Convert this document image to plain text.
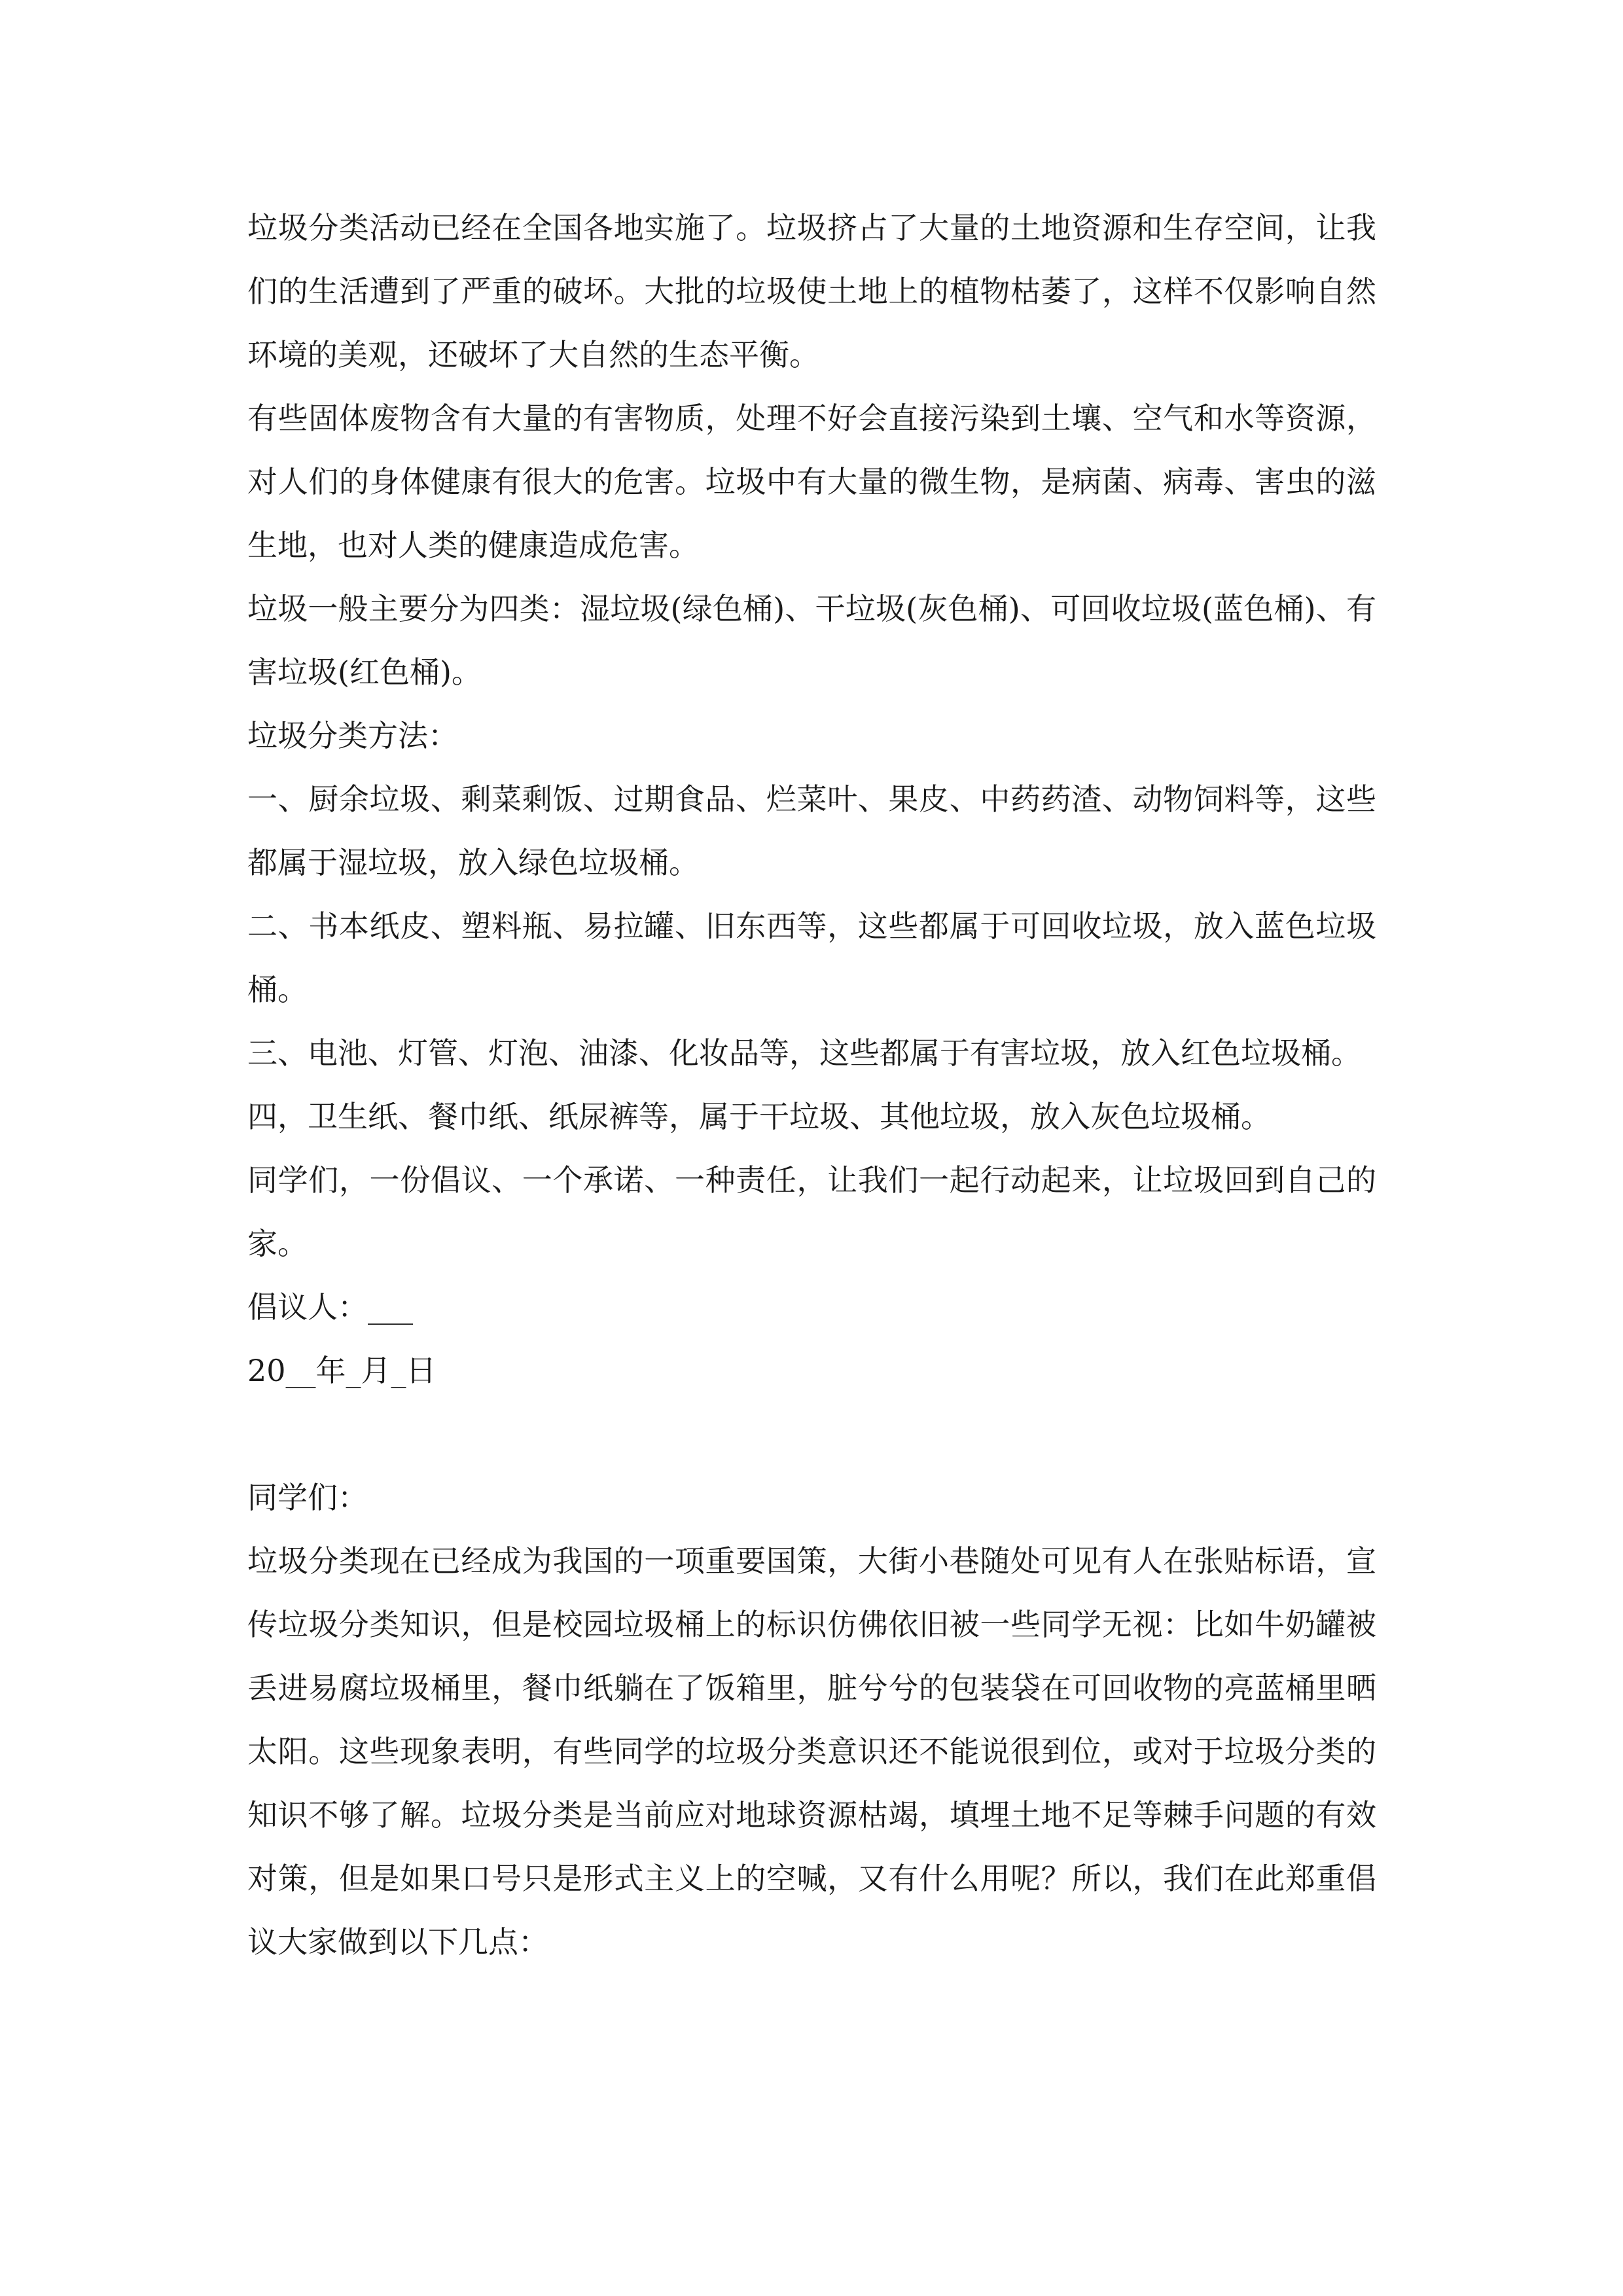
垃圾分类活动已经在全国各地实施了。垃圾挤占了大量的土地资源和生存空间，让我们的生活遭到了严重的破坏。大批的垃圾使土地上的植物枯萎了，这样不仅影响自然环境的美观，还破坏了大自然的生态平衡。

有些固体废物含有大量的有害物质，处理不好会直接污染到土壤、空气和水等资源，对人们的身体健康有很大的危害。垃圾中有大量的微生物，是病菌、病毒、害虫的滋生地，也对人类的健康造成危害。

垃圾一般主要分为四类：湿垃圾(绿色桶)、干垃圾(灰色桶)、可回收垃圾(蓝色桶)、有害垃圾(红色桶)。

垃圾分类方法：

一、厨余垃圾、剩菜剩饭、过期食品、烂菜叶、果皮、中药药渣、动物饲料等，这些都属于湿垃圾，放入绿色垃圾桶。

二、书本纸皮、塑料瓶、易拉罐、旧东西等，这些都属于可回收垃圾，放入蓝色垃圾桶。

三、电池、灯管、灯泡、油漆、化妆品等，这些都属于有害垃圾，放入红色垃圾桶。

四，卫生纸、餐巾纸、纸尿裤等，属于干垃圾、其他垃圾，放入灰色垃圾桶。

同学们，一份倡议、一个承诺、一种责任，让我们一起行动起来，让垃圾回到自己的家。

倡议人：___

20__年_月_日

同学们：

垃圾分类现在已经成为我国的一项重要国策，大街小巷随处可见有人在张贴标语，宣传垃圾分类知识，但是校园垃圾桶上的标识仿佛依旧被一些同学无视：比如牛奶罐被丢进易腐垃圾桶里，餐巾纸躺在了饭箱里，脏兮兮的包装袋在可回收物的亮蓝桶里晒太阳。这些现象表明，有些同学的垃圾分类意识还不能说很到位，或对于垃圾分类的知识不够了解。垃圾分类是当前应对地球资源枯竭，填埋土地不足等棘手问题的有效对策，但是如果口号只是形式主义上的空喊，又有什么用呢？所以，我们在此郑重倡议大家做到以下几点：
